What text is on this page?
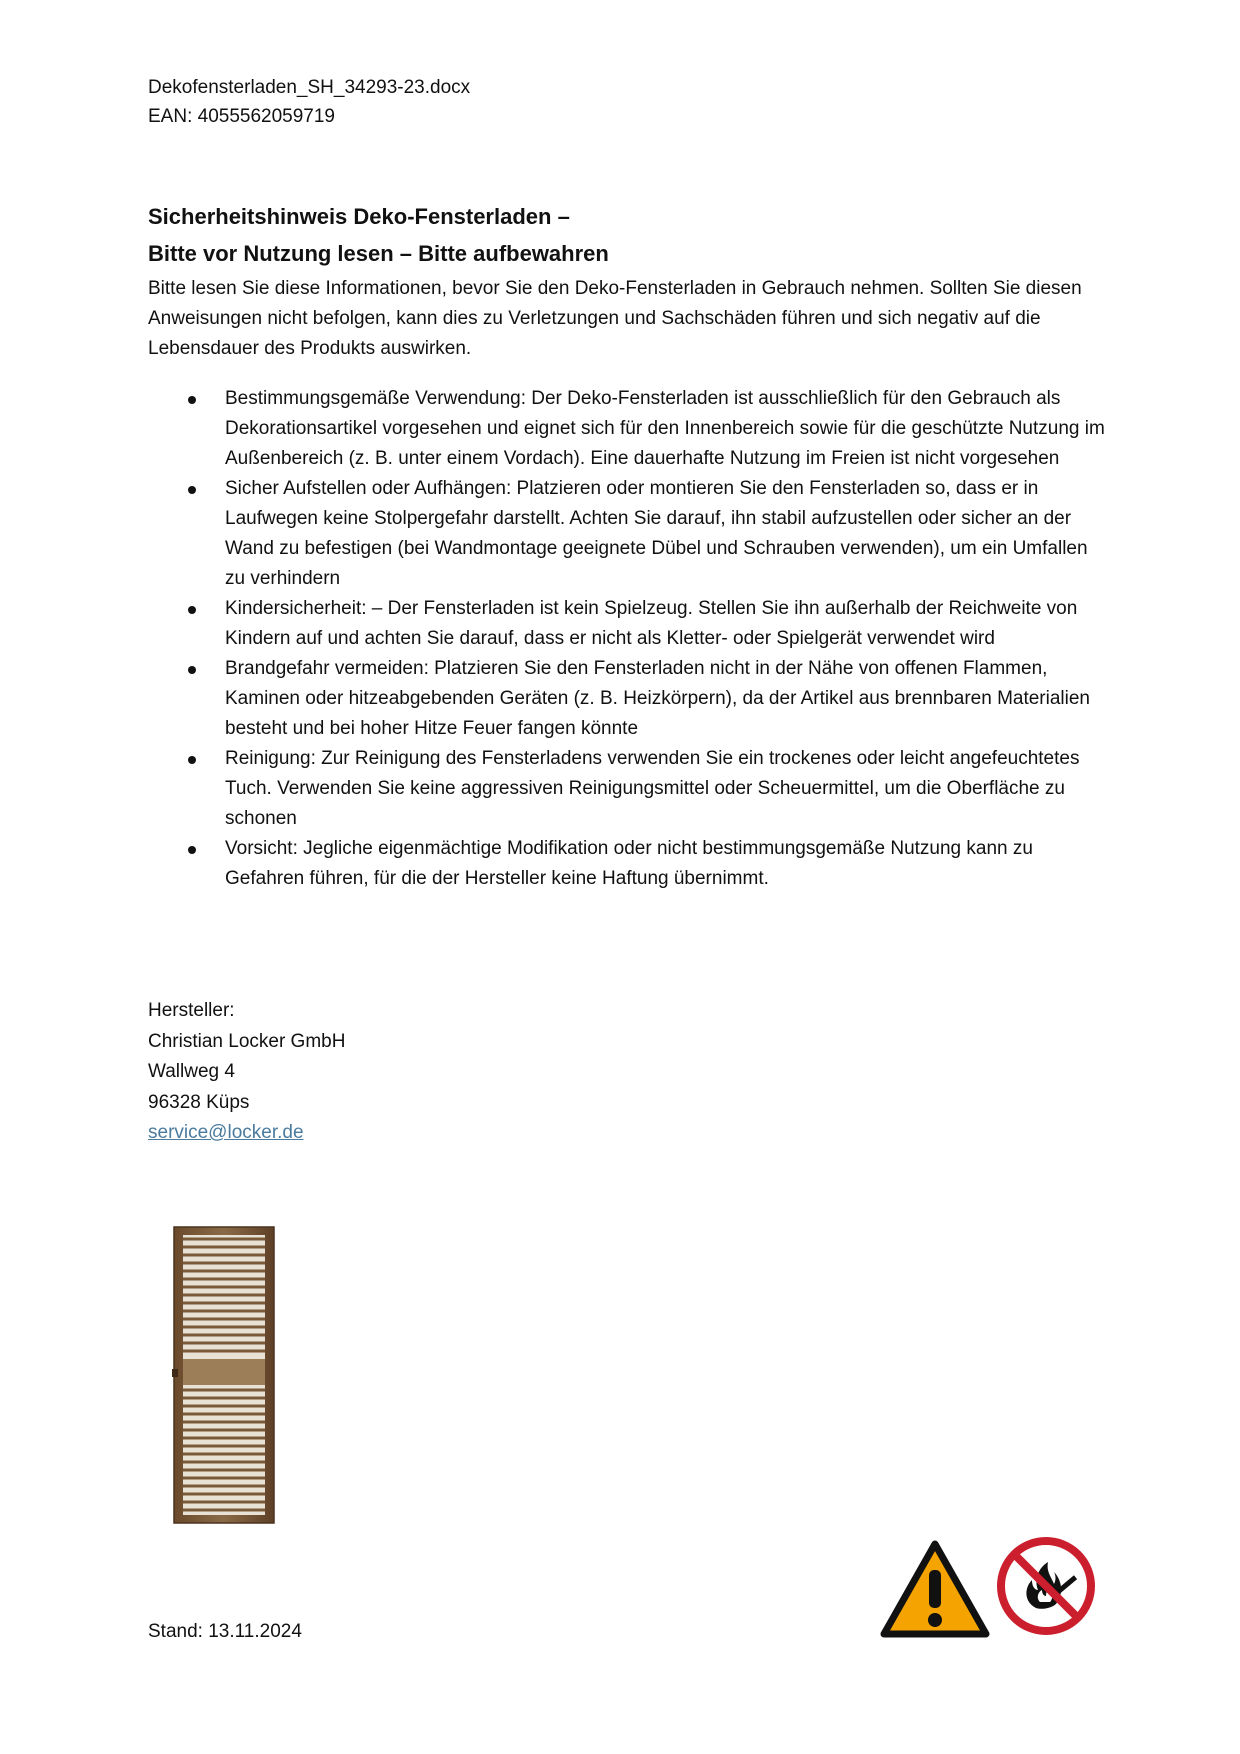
Dekofensterladen_SH_34293-23.docx
EAN: 4055562059719
Sicherheitshinweis Deko-Fensterladen –
Bitte vor Nutzung lesen – Bitte aufbewahren
Bitte lesen Sie diese Informationen, bevor Sie den Deko-Fensterladen in Gebrauch nehmen. Sollten Sie diesen Anweisungen nicht befolgen, kann dies zu Verletzungen und Sachschäden führen und sich negativ auf die Lebensdauer des Produkts auswirken.
Bestimmungsgemäße Verwendung: Der Deko-Fensterladen ist ausschließlich für den Gebrauch als Dekorationsartikel vorgesehen und eignet sich für den Innenbereich sowie für die geschützte Nutzung im Außenbereich (z. B. unter einem Vordach). Eine dauerhafte Nutzung im Freien ist nicht vorgesehen
Sicher Aufstellen oder Aufhängen: Platzieren oder montieren Sie den Fensterladen so, dass er in Laufwegen keine Stolpergefahr darstellt. Achten Sie darauf, ihn stabil aufzustellen oder sicher an der Wand zu befestigen (bei Wandmontage geeignete Dübel und Schrauben verwenden), um ein Umfallen zu verhindern
Kindersicherheit: – Der Fensterladen ist kein Spielzeug. Stellen Sie ihn außerhalb der Reichweite von Kindern auf und achten Sie darauf, dass er nicht als Kletter- oder Spielgerät verwendet wird
Brandgefahr vermeiden: Platzieren Sie den Fensterladen nicht in der Nähe von offenen Flammen, Kaminen oder hitzeabgebenden Geräten (z. B. Heizkörpern), da der Artikel aus brennbaren Materialien besteht und bei hoher Hitze Feuer fangen könnte
Reinigung: Zur Reinigung des Fensterladens verwenden Sie ein trockenes oder leicht angefeuchtetes Tuch. Verwenden Sie keine aggressiven Reinigungsmittel oder Scheuermittel, um die Oberfläche zu schonen
Vorsicht: Jegliche eigenmächtige Modifikation oder nicht bestimmungsgemäße Nutzung kann zu Gefahren führen, für die der Hersteller keine Haftung übernimmt.
Hersteller:
Christian Locker GmbH
Wallweg 4
96328 Küps
service@locker.de
Stand: 13.11.2024
